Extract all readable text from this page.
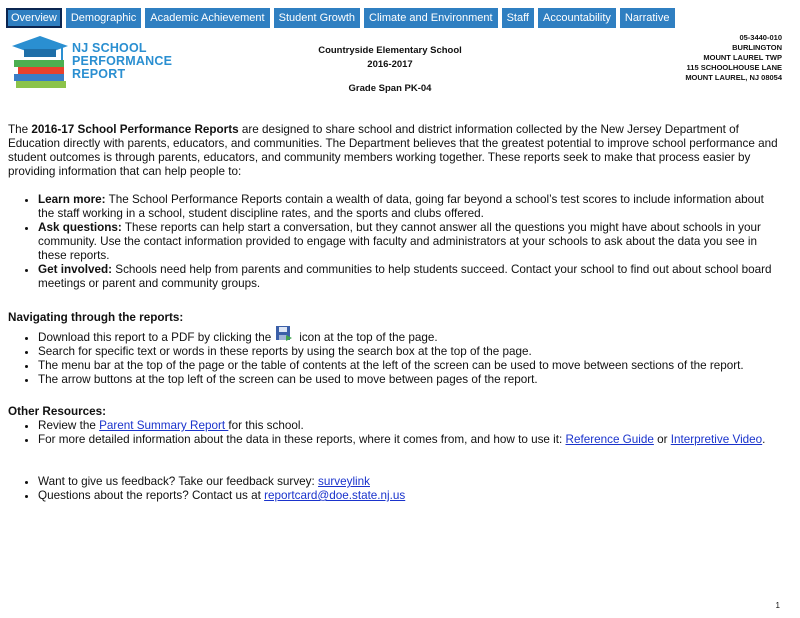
Overview	Demographic	Academic Achievement	Student Growth	Climate and Environment	Staff	Accountability	Narrative
NJ SCHOOL
PERFORMANCE
REPORT
Countryside Elementary School
2016-2017
Grade Span PK-04
05-3440-010
BURLINGTON
MOUNT LAUREL TWP
115 SCHOOLHOUSE LANE
MOUNT LAUREL, NJ 08054

The 2016-17 School Performance Reports are designed to share school and district information collected by the New Jersey Department of Education directly with parents, educators, and communities. The Department believes that the greatest potential to improve school performance and student outcomes is through parents, educators, and community members working together. These reports seek to make that process easier by providing information that can help people to:

• Learn more: The School Performance Reports contain a wealth of data, going far beyond a school’s test scores to include information about the staff working in a school, student discipline rates, and the sports and clubs offered.
• Ask questions: These reports can help start a conversation, but they cannot answer all the questions you might have about schools in your community. Use the contact information provided to engage with faculty and administrators at your schools to ask about the data you see in these reports.
• Get involved: Schools need help from parents and communities to help students succeed. Contact your school to find out about school board meetings or parent and community groups.
Navigating through the reports:
• Download this report to a PDF by clicking the icon at the top of the page.
• Search for specific text or words in these reports by using the search box at the top of the page.
• The menu bar at the top of the page or the table of contents at the left of the screen can be used to move between sections of the report.
• The arrow buttons at the top left of the screen can be used to move between pages of the report.
Other Resources:
• Review the Parent Summary Report for this school.
• For more detailed information about the data in these reports, where it comes from, and how to use it: Reference Guide or Interpretive Video.
• Want to give us feedback? Take our feedback survey: surveylink
• Questions about the reports? Contact us at reportcard@doe.state.nj.us
1
